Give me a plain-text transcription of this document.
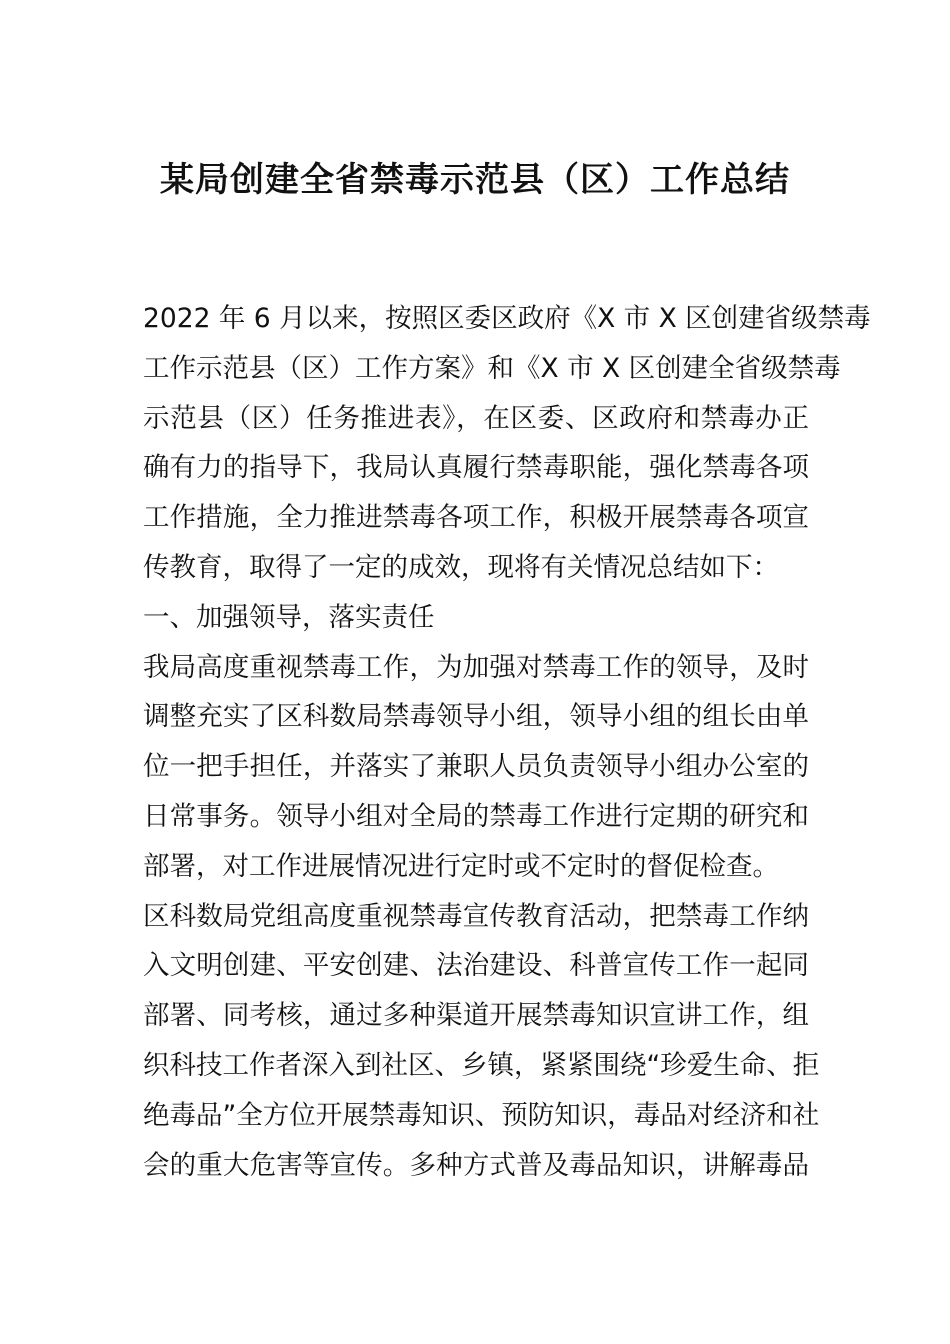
某局创建全省禁毒示范县（区）工作总结
2022 年 6 月以来，按照区委区政府《X 市 X 区创建省级禁毒
工作示范县（区）工作方案》和《X 市 X 区创建全省级禁毒
示范县（区）任务推进表》，在区委、区政府和禁毒办正
确有力的指导下，我局认真履行禁毒职能，强化禁毒各项
工作措施，全力推进禁毒各项工作，积极开展禁毒各项宣
传教育，取得了一定的成效，现将有关情况总结如下：
一、加强领导，落实责任
我局高度重视禁毒工作，为加强对禁毒工作的领导，及时
调整充实了区科数局禁毒领导小组，领导小组的组长由单
位一把手担任，并落实了兼职人员负责领导小组办公室的
日常事务。领导小组对全局的禁毒工作进行定期的研究和
部署，对工作进展情况进行定时或不定时的督促检查。
区科数局党组高度重视禁毒宣传教育活动，把禁毒工作纳
入文明创建、平安创建、法治建设、科普宣传工作一起同
部署、同考核，通过多种渠道开展禁毒知识宣讲工作，组
织科技工作者深入到社区、乡镇，紧紧围绕“珍爱生命、拒
绝毒品”全方位开展禁毒知识、预防知识，毒品对经济和社
会的重大危害等宣传。多种方式普及毒品知识，讲解毒品
